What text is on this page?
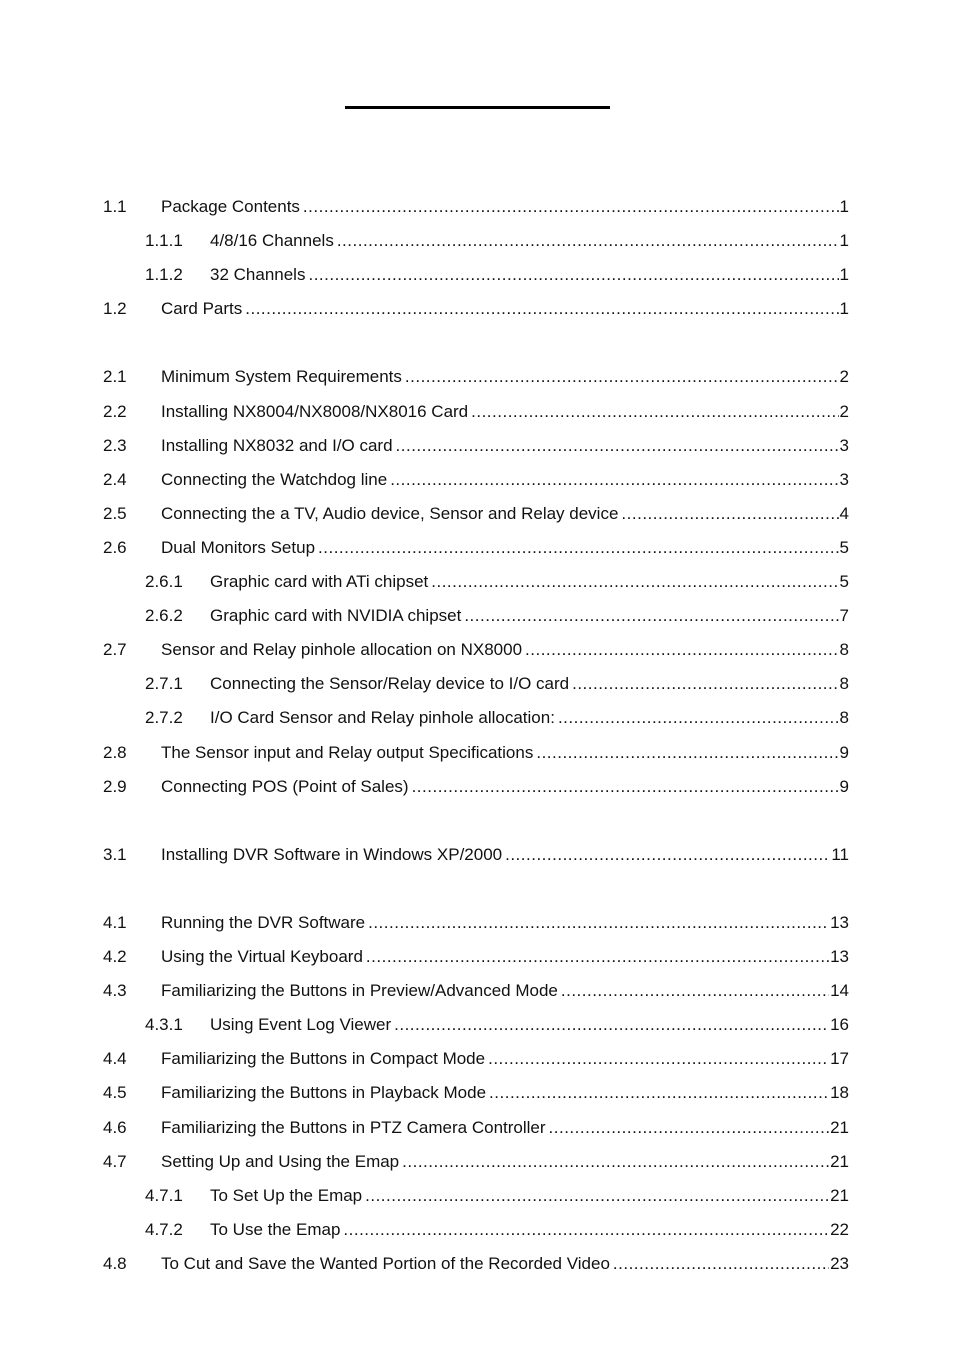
1.1 Package Contents .....	1
1.1.1 4/8/16 Channels .....	1
1.1.2 32 Channels .....	1
1.2 Card Parts .....	1
2.1 Minimum System Requirements .....	2
2.2 Installing NX8004/NX8008/NX8016 Card .....	2
2.3 Installing NX8032 and I/O card .....	3
2.4 Connecting the Watchdog line .....	3
2.5 Connecting the a TV, Audio device, Sensor and Relay device .....	4
2.6 Dual Monitors Setup .....	5
2.6.1 Graphic card with ATi chipset .....	5
2.6.2 Graphic card with NVIDIA chipset .....	7
2.7 Sensor and Relay pinhole allocation on NX8000 .....	8
2.7.1 Connecting the Sensor/Relay device to I/O card .....	8
2.7.2 I/O Card Sensor and Relay pinhole allocation: .....	8
2.8 The Sensor input and Relay output Specifications .....	9
2.9 Connecting POS (Point of Sales) .....	9
3.1 Installing DVR Software in Windows XP/2000 .....	11
4.1 Running the DVR Software .....	13
4.2 Using the Virtual Keyboard .....	13
4.3 Familiarizing the Buttons in Preview/Advanced Mode .....	14
4.3.1 Using Event Log Viewer .....	16
4.4 Familiarizing the Buttons in Compact Mode .....	17
4.5 Familiarizing the Buttons in Playback Mode .....	18
4.6 Familiarizing the Buttons in PTZ Camera Controller .....	21
4.7 Setting Up and Using the Emap .....	21
4.7.1 To Set Up the Emap .....	21
4.7.2 To Use the Emap .....	22
4.8 To Cut and Save the Wanted Portion of the Recorded Video .....	23
